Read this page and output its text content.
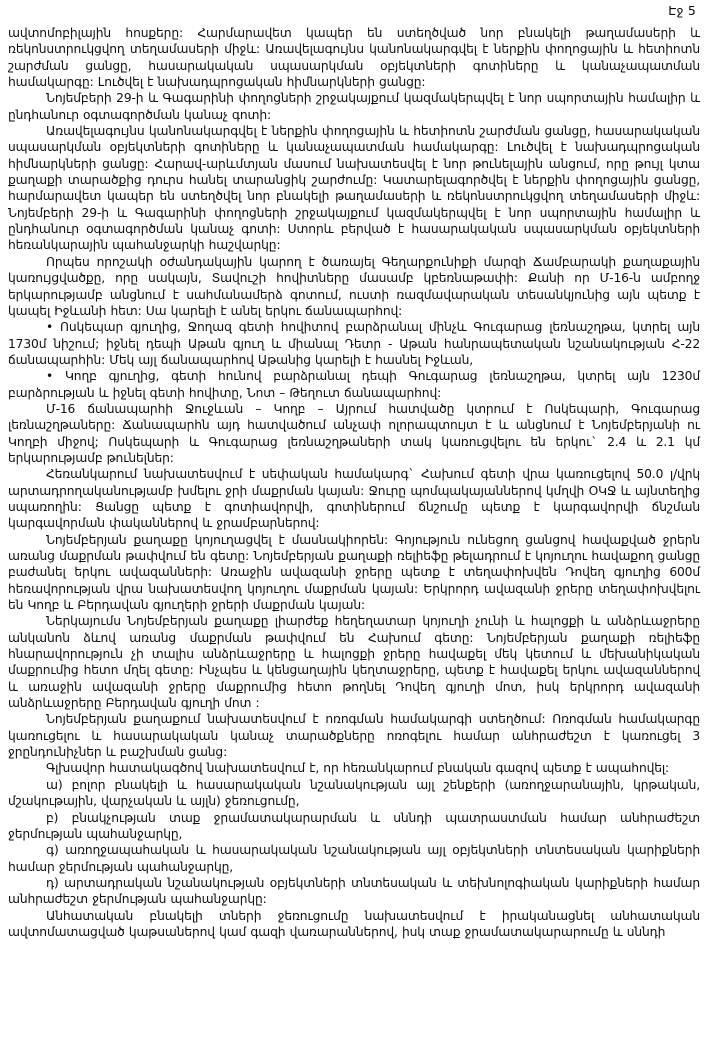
Էջ 5

ավտոմոբիլային հոսքերը: Հարմարավետ կապեր են ստեղծված նոր բնակելի թաղամասերի և ռեկոնստրուկցվող տեղամասերի միջև: Առավելագույնս կանոնակարգվել է ներքին փողոցային և հետիոտն շարժման ցանցը, հասարակական սպասարկման օբյեկտների գոտիները և կանաչապատման համակարգը: Լուծվել է նախադպրոցական հիմնարկների ցանցը:

Նոյեմբերի 29-ի և Գագարինի փողոցների շրջակայքում կազմակերպվել է նոր սպորտային համալիր և ընդհանուր օգտագործման կանաչ գոտի:

Առավելագույնս կանոնակարգվել է ներքին փողոցային և հետիոտն շարժման ցանցը, հասարակական սպասարկման օբյեկտների գոտիները և կանաչապատման համակարգը: Լուծվել է նախադպրոցական հիմնարկների ցանցը: Հարավ-արևմտյան մասում նախատեսվել է նոր թունելային անցում, որը թույլ կտա քաղաքի տարածքից դուրս հանել տարանցիկ շարժումը: Կատարելագործվել է ներքին փողոցային ցանցը, հարմարավետ կապեր են ստեղծվել նոր բնակելի թաղամասերի և ռեկոնստրուկցվող տեղամասերի միջև: Նոյեմբերի 29-ի և Գագարինի փողոցների շրջակայքում կազմակերպվել է նոր սպորտային համալիր և ընդհանուր օգտագործման կանաչ գոտի: Ստորև բերված է հասարակական սպասարկման օբյեկտների հեռանկարային պահանջարկի հաշվարկը:

Որպես որոշակի օժանդակային կարող է ծառայել Գեղարքունիքի մարզի Ճամբարակի քաղաքային կառույցվածքը, որը սակայն, Տավուշի հովիտները մասամբ կբեռնաթափի: Քանի որ Մ-16-ն ամբողջ երկարությամբ անցնում է սահմանամերձ գոտում, ուստի ռազմավարական տեսանկյունից այն պետք է կապել Իջևանի հետ: Սա կարելի է անել երկու ճանապարհով:

• Ոսկեպար գյուղից, Ջողազ գետի հովիտով բարձրանալ մինչև Գուգարաց լեռնաշղթա, կտրել այն 1730մ նիշում; իջնել դեպի Աթան գյուղ և միանալ Դետր - Աթան հանրապետական նշանակության Հ-22 ճանապարհին: Մեկ այլ ճանապարհով Աթանից կարելի է հասնել Իջևան,

• Կողբ գյուղից, գետի հունով բարձրանալ դեպի Գուգարաց լեռնաշղթա, կտրել այն 1230մ բարձրության և իջնել գետի հովիտը, Նոտ – Թեղուտ ճանապարհով:

Մ-16 ճանապարհի Ջուջևան – Կողբ – Այրում հատվածը կտրում է Ոսկեպարի, Գուգարաց լեռնաշղթաները: Ճանապարհն այդ հատվածում անչափ ոլորապտույտ է և անցնում է Նոյեմբերյանի ու Կողբի միջով; Ոսկեպարի և Գուգարաց լեռնաշղթաների տակ կառուցվելու են երկու` 2.4 և 2.1 կմ երկարությամբ թունելներ:

Հեռանկարում նախատեսվում է սեփական համակարգ` Հախում գետի վրա կառուցելով 50.0 լ/վրկ արտադրողականությամբ խմելու ջրի մաքրման կայան: Ջուրը պոմպակայաններով կմղվի ՕԿՋ և այնտեղից սպառողին: Ցանցը պետք է գոտիավորվի, գոտիներում ճնշումը պետք է կարգավորվի ճնշման կարգավորման փականներով և ջրամբարներով:

Նոյեմբերյան քաղաքը կոյուղացվել է մասնակիորեն: Գոյություն ունեցող ցանցով հավաքված ջրերն առանց մաքրման թափվում են գետը: Նոյեմբերյան քաղաքի ռելիեֆը թելադրում է կոյուղու հավաքող ցանցը բաժանել երկու ավազանների: Առաջին ավազանի ջրերը պետք է տեղափոխվեն Դովեղ գյուղից 600մ հեռավորության վրա նախատեսվող կոյուղու մաքրման կայան: Երկրորդ ավազանի ջրերը տեղափոխվելու են Կողբ և Բերդավան գյուղերի ջրերի մաքրման կայան:

Ներկայումս Նոյեմբերյան քաղաքը լիարժեք հեղեղատար կոյուղի չունի և հալոցքի և անձրևաջրերը անկանոն ձևով առանց մաքրման թափվում են Հախում գետը: Նոյեմբերյան քաղաքի ռելիեֆը հնարավորություն չի տալիս անձրևաջրերը և հալոցքի ջրերը հավաքել մեկ կետում և մեխանիկական մաքրումից հետո մղել գետը: Ինչպես և կենցաղային կեղտաջրերը, պետք է հավաքել երկու ավազաններով և առաջին ավազանի ջրերը մաքրումից հետո թողնել Դովեղ գյուղի մոտ, իսկ երկրորդ ավազանի անձրևաջրերը Բերդավան գյուղի մոտ :

Նոյեմբերյան քաղաքում նախատեսվում է ոռոգման համակարգի ստեղծում: Ոռոգման համակարգը կառուցելու և հասարակական կանաչ տարածքները ոռոգելու համար անհրաժեշտ է կառուցել 3 ջրընդունիչներ և բաշխման ցանց:

Գլխավոր հատակագծով նախատեսվում է, որ հեռանկարում բնական գազով պետք է ապահովել:

ա) բոլոր բնակելի և հասարակական նշանակության այլ շենքերի (առողջարանային, կրթական, մշակութային, վարչական և այլն) ջեռուցումը,

բ) բնակչության տաք ջրամատակարարման և սննդի պատրաստման համար անհրաժեշտ ջերմության պահանջարկը,

գ) առողջապահական և հասարակական նշանակության այլ օբյեկտների տնտեսական կարիքների համար ջերմության պահանջարկը,

դ) արտադրական նշանակության օբյեկտների տնտեսական և տեխնոլոգիական կարիքների համար անհրաժեշտ ջերմության պահանջարկը:

Անհատական բնակելի տների ջեռուցումը նախատեսվում է իրականացնել անհատական ավտոմատացված կաթսաներով կամ գազի վառարաններով, իսկ տաք ջրամատակարարումը և սննդի
